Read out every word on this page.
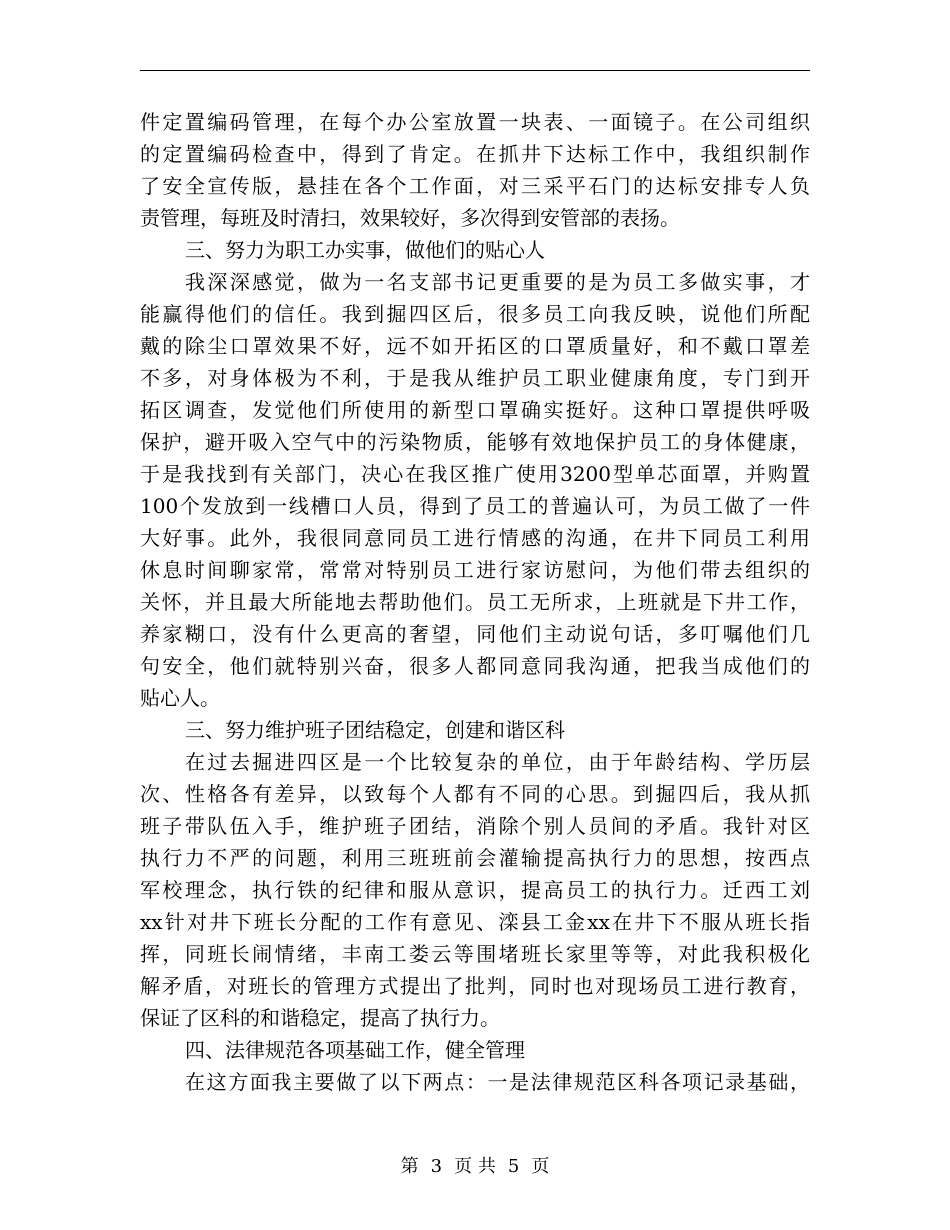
件定置编码管理，在每个办公室放置一块表、一面镜子。在公司组织
的定置编码检查中，得到了肯定。在抓井下达标工作中，我组织制作
了安全宣传版，悬挂在各个工作面，对三采平石门的达标安排专人负
责管理，每班及时清扫，效果较好，多次得到安管部的表扬。
三、努力为职工办实事，做他们的贴心人
我深深感觉，做为一名支部书记更重要的是为员工多做实事，才
能赢得他们的信任。我到掘四区后，很多员工向我反映，说他们所配
戴的除尘口罩效果不好，远不如开拓区的口罩质量好，和不戴口罩差
不多，对身体极为不利，于是我从维护员工职业健康角度，专门到开
拓区调查，发觉他们所使用的新型口罩确实挺好。这种口罩提供呼吸
保护，避开吸入空气中的污染物质，能够有效地保护员工的身体健康，
于是我找到有关部门，决心在我区推广使用3200型单芯面罩，并购置
100个发放到一线槽口人员，得到了员工的普遍认可，为员工做了一件
大好事。此外，我很同意同员工进行情感的沟通，在井下同员工利用
休息时间聊家常，常常对特别员工进行家访慰问，为他们带去组织的
关怀，并且最大所能地去帮助他们。员工无所求，上班就是下井工作，
养家糊口，没有什么更高的奢望，同他们主动说句话，多叮嘱他们几
句安全，他们就特别兴奋，很多人都同意同我沟通，把我当成他们的
贴心人。
三、努力维护班子团结稳定，创建和谐区科
在过去掘进四区是一个比较复杂的单位，由于年龄结构、学历层
次、性格各有差异，以致每个人都有不同的心思。到掘四后，我从抓
班子带队伍入手，维护班子团结，消除个别人员间的矛盾。我针对区
执行力不严的问题，利用三班班前会灌输提高执行力的思想，按西点
军校理念，执行铁的纪律和服从意识，提高员工的执行力。迁西工刘
xx针对井下班长分配的工作有意见、滦县工金xx在井下不服从班长指
挥，同班长闹情绪，丰南工娄云等围堵班长家里等等，对此我积极化
解矛盾，对班长的管理方式提出了批判，同时也对现场员工进行教育，
保证了区科的和谐稳定，提高了执行力。
四、法律规范各项基础工作，健全管理
在这方面我主要做了以下两点：一是法律规范区科各项记录基础，
第 3 页 共 5 页
